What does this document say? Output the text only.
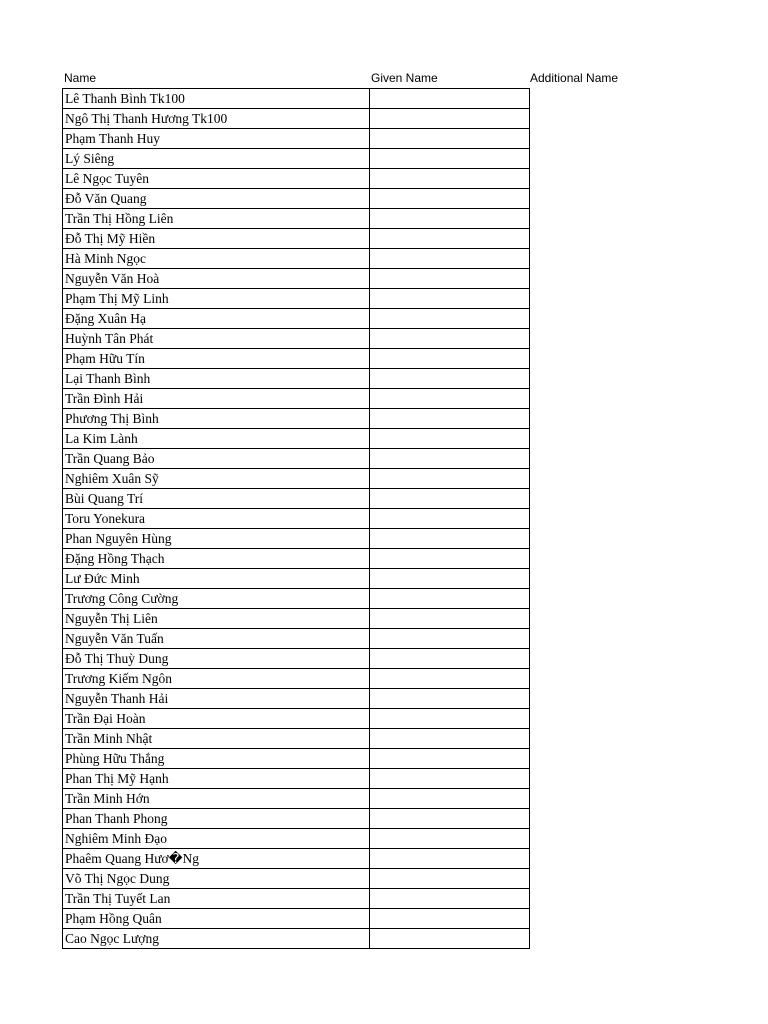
Name	Given Name	Additional Name
Lê Thanh Bình Tk100	
Ngô Thị Thanh Hương Tk100	
Phạm Thanh Huy	
Lý Siêng	
Lê Ngọc Tuyên	
Đỗ Văn Quang	
Trần Thị Hồng Liên	
Đỗ Thị Mỹ Hiền	
Hà Minh Ngọc	
Nguyễn Văn Hoà	
Phạm Thị Mỹ Linh	
Đặng Xuân Hạ	
Huỳnh Tân Phát	
Phạm Hữu Tín	
Lại Thanh Bình	
Trần Đình Hải	
Phương Thị Bình	
La Kim Lành	
Trần Quang Bảo	
Nghiêm Xuân Sỹ	
Bùi Quang Trí	
Toru Yonekura	
Phan Nguyên Hùng	
Đặng Hồng Thạch	
Lư Đức Minh	
Trương Công Cường	
Nguyễn Thị Liên	
Nguyễn Văn Tuấn	
Đỗ Thị Thuỳ Dung	
Trương Kiếm Ngôn	
Nguyễn Thanh Hải	
Trần Đại Hoàn	
Trần Minh Nhật	
Phùng Hữu Thắng	
Phan Thị Mỹ Hạnh	
Trần Minh Hớn	
Phan Thanh Phong	
Nghiêm Minh Đạo	
Phaêm Quang Hươ�Ng	
Võ Thị Ngọc Dung	
Trần Thị Tuyết Lan	
Phạm Hồng Quân	
Cao Ngọc Lượng	
